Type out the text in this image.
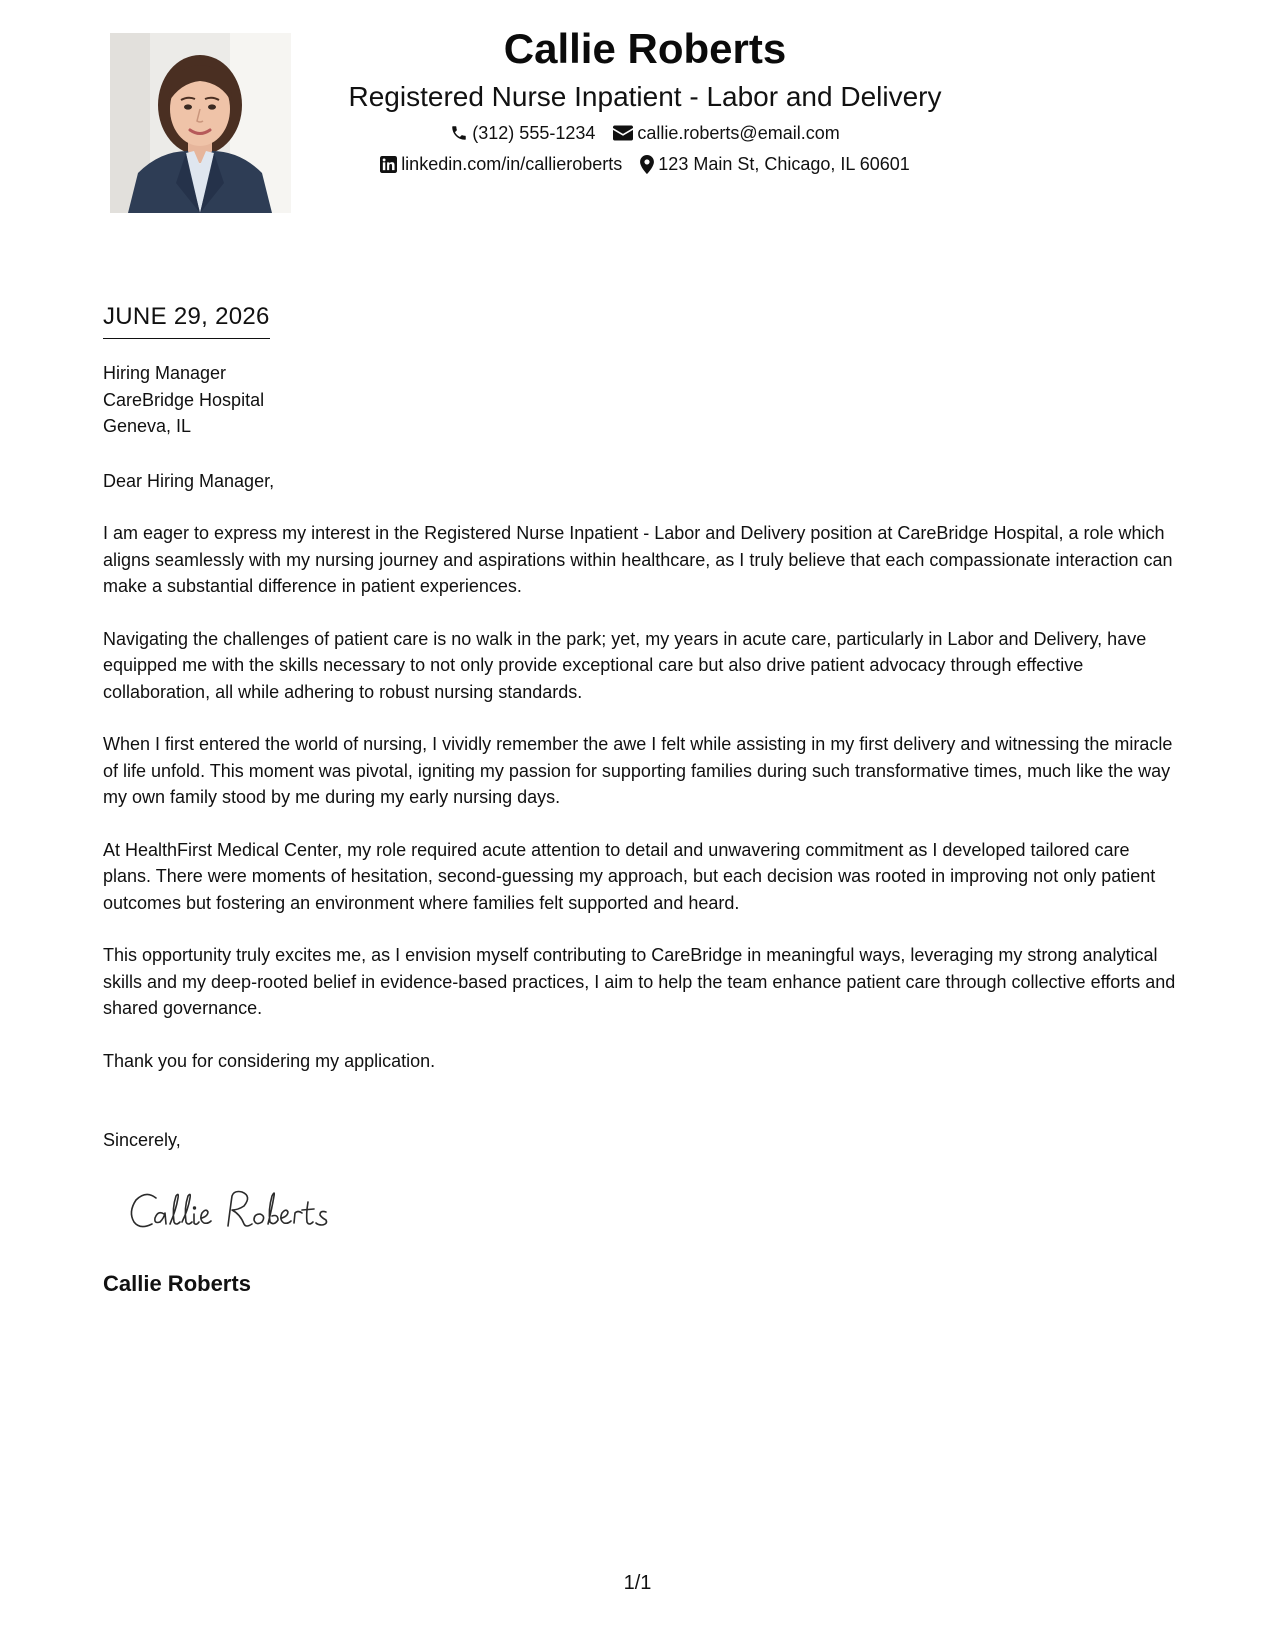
Callie Roberts
Registered Nurse Inpatient - Labor and Delivery
(312) 555-1234 callie.roberts@email.com
linkedin.com/in/callieroberts 123 Main St, Chicago, IL 60601
JUNE 29, 2026
Hiring Manager
CareBridge Hospital
Geneva, IL
Dear Hiring Manager,
I am eager to express my interest in the Registered Nurse Inpatient - Labor and Delivery position at CareBridge Hospital, a role which aligns seamlessly with my nursing journey and aspirations within healthcare, as I truly believe that each compassionate interaction can make a substantial difference in patient experiences.
Navigating the challenges of patient care is no walk in the park; yet, my years in acute care, particularly in Labor and Delivery, have equipped me with the skills necessary to not only provide exceptional care but also drive patient advocacy through effective collaboration, all while adhering to robust nursing standards.
When I first entered the world of nursing, I vividly remember the awe I felt while assisting in my first delivery and witnessing the miracle of life unfold. This moment was pivotal, igniting my passion for supporting families during such transformative times, much like the way my own family stood by me during my early nursing days.
At HealthFirst Medical Center, my role required acute attention to detail and unwavering commitment as I developed tailored care plans. There were moments of hesitation, second-guessing my approach, but each decision was rooted in improving not only patient outcomes but fostering an environment where families felt supported and heard.
This opportunity truly excites me, as I envision myself contributing to CareBridge in meaningful ways, leveraging my strong analytical skills and my deep-rooted belief in evidence-based practices, I aim to help the team enhance patient care through collective efforts and shared governance.
Thank you for considering my application.
Sincerely,
Callie Roberts
1/1
